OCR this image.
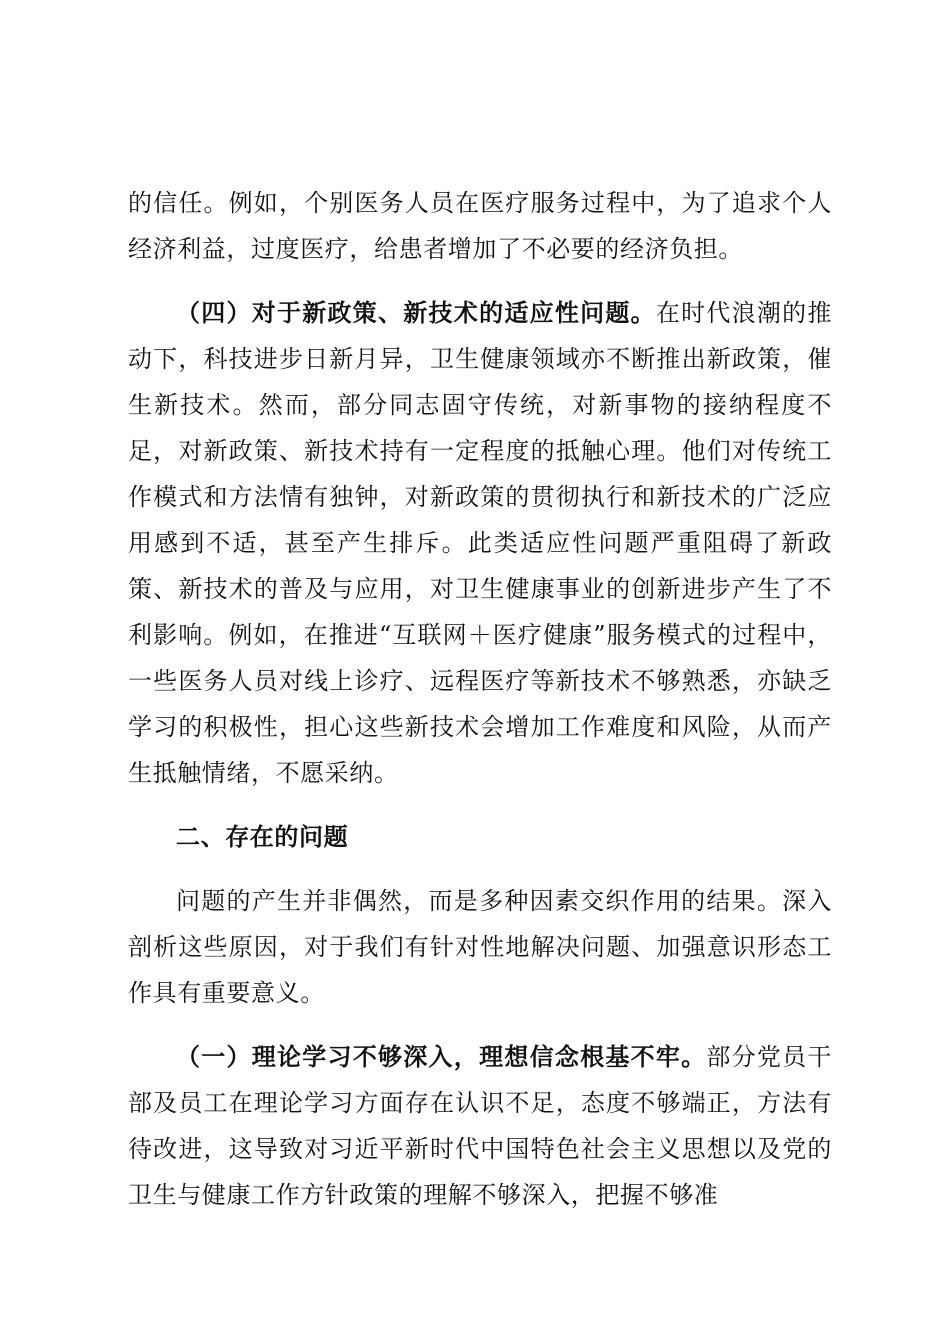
的信任。例如，个别医务人员在医疗服务过程中，为了追求个人经济利益，过度医疗，给患者增加了不必要的经济负担。

（四）对于新政策、新技术的适应性问题。在时代浪潮的推动下，科技进步日新月异，卫生健康领域亦不断推出新政策，催生新技术。然而，部分同志固守传统，对新事物的接纳程度不足，对新政策、新技术持有一定程度的抵触心理。他们对传统工作模式和方法情有独钟，对新政策的贯彻执行和新技术的广泛应用感到不适，甚至产生排斥。此类适应性问题严重阻碍了新政策、新技术的普及与应用，对卫生健康事业的创新进步产生了不利影响。例如，在推进“互联网＋医疗健康”服务模式的过程中，一些医务人员对线上诊疗、远程医疗等新技术不够熟悉，亦缺乏学习的积极性，担心这些新技术会增加工作难度和风险，从而产生抵触情绪，不愿采纳。

二、存在的问题

问题的产生并非偶然，而是多种因素交织作用的结果。深入剖析这些原因，对于我们有针对性地解决问题、加强意识形态工作具有重要意义。

（一）理论学习不够深入，理想信念根基不牢。部分党员干部及员工在理论学习方面存在认识不足，态度不够端正，方法有待改进，这导致对习近平新时代中国特色社会主义思想以及党的卫生与健康工作方针政策的理解不够深入，把握不够准
